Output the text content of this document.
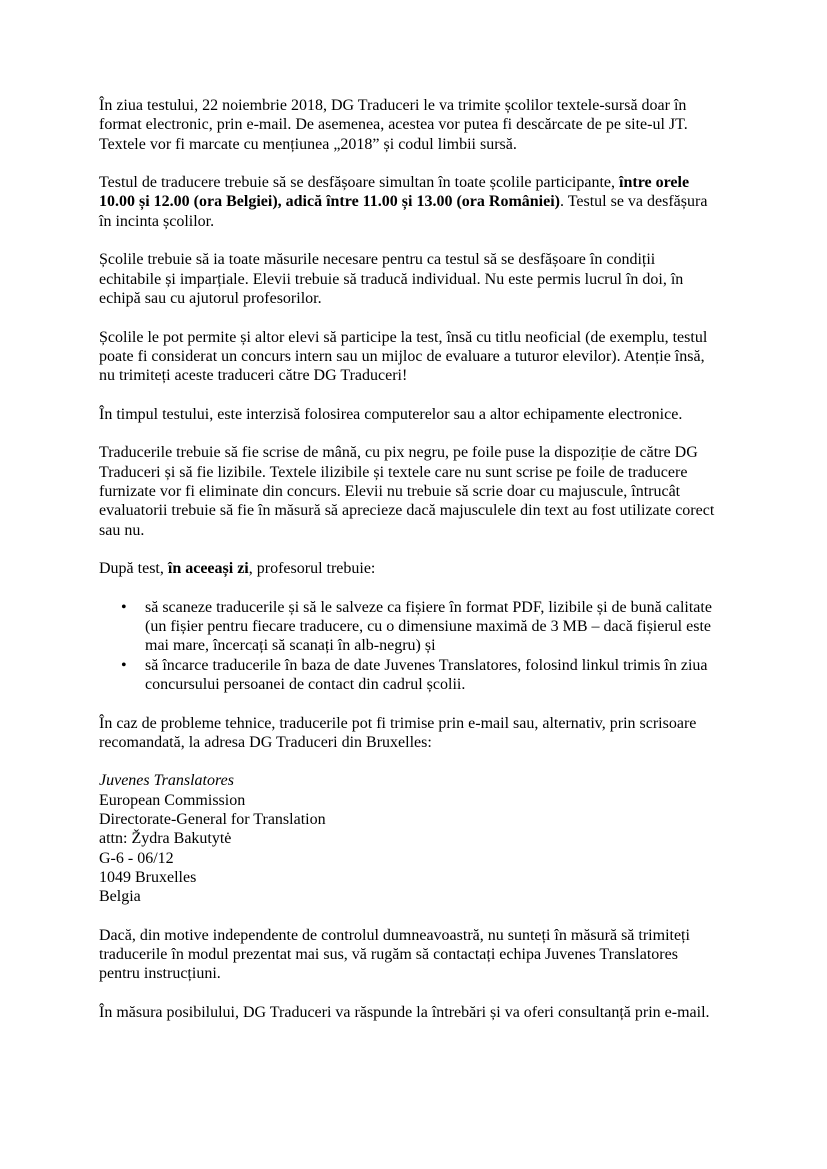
În ziua testului, 22 noiembrie 2018, DG Traduceri le va trimite școlilor textele-sursă doar în format electronic, prin e-mail. De asemenea, acestea vor putea fi descărcate de pe site-ul JT. Textele vor fi marcate cu mențiunea „2018” și codul limbii sursă.

Testul de traducere trebuie să se desfășoare simultan în toate școlile participante, între orele 10.00 și 12.00 (ora Belgiei), adică între 11.00 și 13.00 (ora României). Testul se va desfășura în incinta școlilor.

Școlile trebuie să ia toate măsurile necesare pentru ca testul să se desfășoare în condiții echitabile și imparțiale. Elevii trebuie să traducă individual. Nu este permis lucrul în doi, în echipă sau cu ajutorul profesorilor.

Școlile le pot permite și altor elevi să participe la test, însă cu titlu neoficial (de exemplu, testul poate fi considerat un concurs intern sau un mijloc de evaluare a tuturor elevilor). Atenție însă, nu trimiteți aceste traduceri către DG Traduceri!

În timpul testului, este interzisă folosirea computerelor sau a altor echipamente electronice.

Traducerile trebuie să fie scrise de mână, cu pix negru, pe foile puse la dispoziție de către DG Traduceri și să fie lizibile. Textele ilizibile și textele care nu sunt scrise pe foile de traducere furnizate vor fi eliminate din concurs. Elevii nu trebuie să scrie doar cu majuscule, întrucât evaluatorii trebuie să fie în măsură să aprecieze dacă majusculele din text au fost utilizate corect sau nu.

După test, în aceeași zi, profesorul trebuie:

• să scaneze traducerile și să le salveze ca fișiere în format PDF, lizibile și de bună calitate (un fișier pentru fiecare traducere, cu o dimensiune maximă de 3 MB – dacă fișierul este mai mare, încercați să scanați în alb-negru) și
• să încarce traducerile în baza de date Juvenes Translatores, folosind linkul trimis în ziua concursului persoanei de contact din cadrul școlii.

În caz de probleme tehnice, traducerile pot fi trimise prin e-mail sau, alternativ, prin scrisoare recomandată, la adresa DG Traduceri din Bruxelles:

Juvenes Translatores
European Commission
Directorate-General for Translation
attn: Žydra Bakutytė
G-6 - 06/12
1049 Bruxelles
Belgia

Dacă, din motive independente de controlul dumneavoastră, nu sunteți în măsură să trimiteți traducerile în modul prezentat mai sus, vă rugăm să contactați echipa Juvenes Translatores pentru instrucțiuni.

În măsura posibilului, DG Traduceri va răspunde la întrebări și va oferi consultanță prin e-mail.
